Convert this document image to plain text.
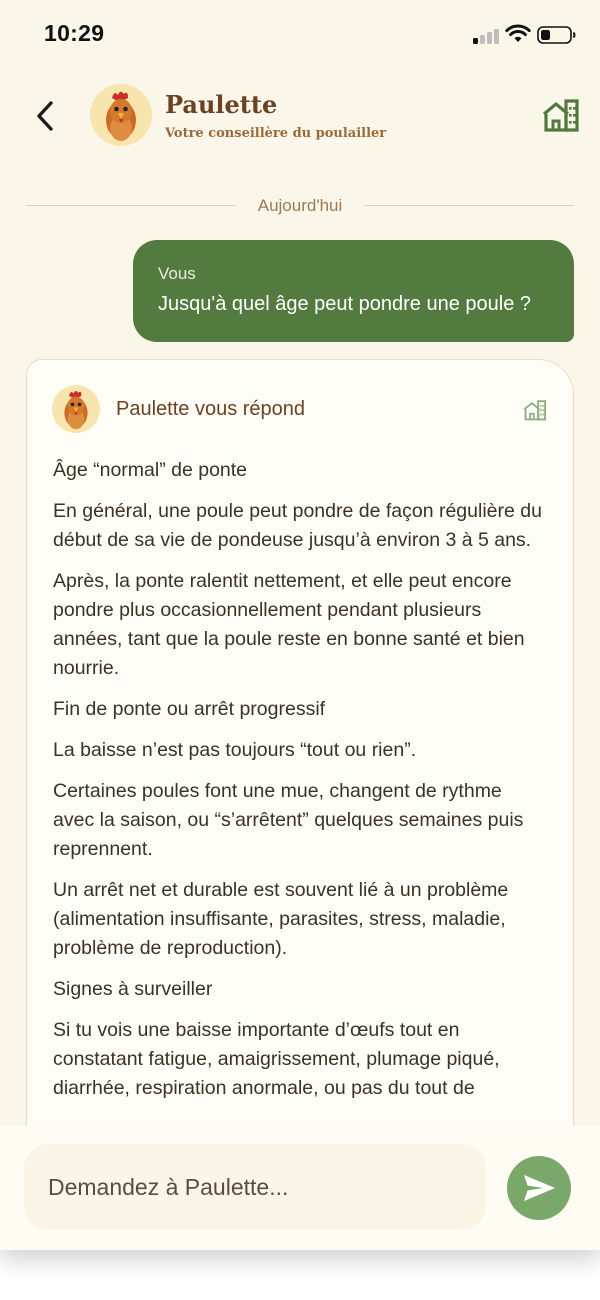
10:29
Paulette
Votre conseillère du poulailler
Aujourd'hui
Vous
Jusqu'à quel âge peut pondre une poule ?
Paulette vous répond

Âge “normal” de ponte

En général, une poule peut pondre de façon régulière du début de sa vie de pondeuse jusqu’à environ 3 à 5 ans.

Après, la ponte ralentit nettement, et elle peut encore pondre plus occasionnellement pendant plusieurs années, tant que la poule reste en bonne santé et bien nourrie.

Fin de ponte ou arrêt progressif

La baisse n’est pas toujours “tout ou rien”.

Certaines poules font une mue, changent de rythme avec la saison, ou “s’arrêtent” quelques semaines puis reprennent.

Un arrêt net et durable est souvent lié à un problème (alimentation insuffisante, parasites, stress, maladie, problème de reproduction).

Signes à surveiller

Si tu vois une baisse importante d’œufs tout en constatant fatigue, amaigrissement, plumage piqué, diarrhée, respiration anormale, ou pas du tout de

Demandez à Paulette...
